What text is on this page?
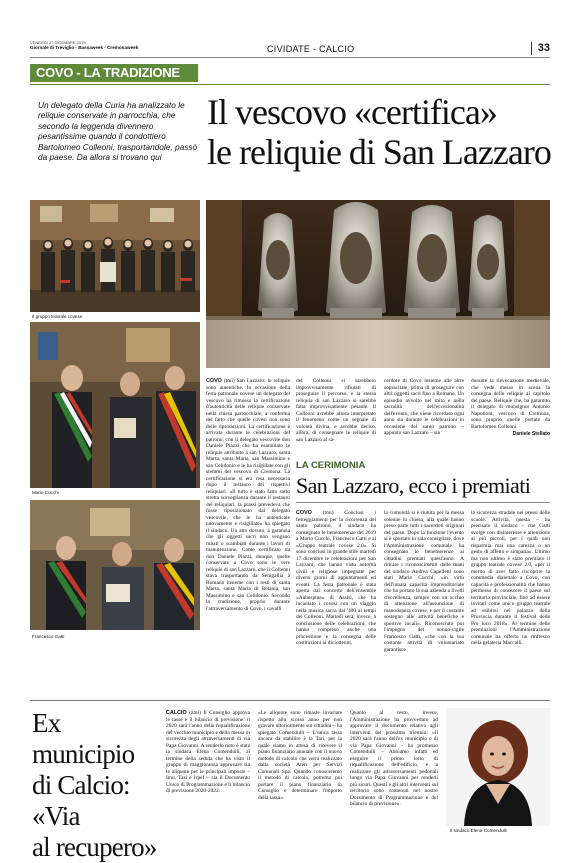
VENERDÌ 27 DICEMBRE 2019
Giornale di Treviglio - Bassaweek - Cremonaweek	CIVIDATE - CALCIO	33
COVO - LA TRADIZIONE
Un delegato della Curia ha analizzato le reliquie conservate in parrocchia, che secondo la leggenda divennero pesantissime quando il condottiero Bartolomeo Colleoni, trasportandole, passò da paese. Da allora si trovano qui
Il vescovo «certifica»
le reliquie di San Lazzaro
Il gruppo teatrale covese
Mario Cucchi
Francesco Gatti
COVO (tmi) San Lazzaro: le reliquie sono autentiche. In occasione della festa patronale covese un delegato del vescovo ha rimosso la certificazione d'autenticità delle reliquie conservate nella chiesa parrocchiale, a conferma del fatto che quelle covesi non sono delle riproduzioni. La certificazione è arrivata durante le celebrazioni del patrono, con il delegato vescovile don Daniele Piazzi che ha esaminato le reliquie attribuite a san Lazzaro, santa Marta, santa Maria, san Massimino e san Celidonio e le ha risigillate con gli stemmi del vescovo di Cremona. La certificazione si era resa necessaria dopo il restauro dei rispettivi reliquiari. «Il tutto è stato fatto sotto stretta sorveglianza durante il restauro dei reliquiari, la prassi prevedeva che fosse riposizionato dal delegato vescovile, che le ha autenticate nuovamente e risigillate» ha spiegato il sindaco. Un atto dovuto, a garanzia che gli oggetti sacri non vengano rubati o scambiati durante i lavori di manutenzione. Come certificato da don Daniele Piazzi, dunque, quelle conservate a Covo sono le vere reliquie di san Lazzaro, che il Colleoni stava trasportando da Senigallia a Romano insieme con i resti di santa Marta, santa Maria di Betania, san Massimino e san Celidonio. Secondo la tradizione, proprio durante l'attraversamento di Covo, i cavalli
del Colleoni si sarebbero improvvisamente rifiutati di proseguire il percorso, e la stessa reliquia di san Lazzaro si sarebbe fatta improvvisamente pesante. Il Colleoni avrebbe allora interpretato il fenomeno come un segnale di volontà divina, e avrebbe deciso, allora, di consegnare le reliquie di san Lazzaro al sa-
cerdote di Covo insieme alle altre sopracitate, prima di proseguire con altri oggetti sacri fino a Romano. Un episodio avvolto nel mito e nella sacralità dell'eccezionalità dell'evento, che viene ricordato ogni anno sia durante le celebrazioni in occasione del santo patrono – appunto san Lazzaro – sia
durante la rievocazione medievale, che vede messo in scena la consegna delle reliquie al capitolo del paese. Reliquie che, ha garantito il delegato di monsignor Antonio Napolioni, vescovo di Cremona, sono proprio quelle portate da Bartolomeo Colleoni.
Daniele Stellato
LA CERIMONIA
San Lazzaro, ecco i premiati
COVO (tmi) Conclusi i festeggiamenti per la ricorrenza del santo patrono, il sindaco ha consegnato le benemerenze del 2019 a Mario Cucchi, Francesco Gatti e al «Gruppo teatrale covese 2.0». Si sono conclusi in grande stile martedì 17 dicembre le celebrazioni per San Lazzaro, che hanno visto autorità civili e religiose impegnate per diversi giorni di appuntamenti ed eventi. La festa patronale è stata aperta dal concerto dell'ensemble «Aubespine» di Assisi, che ha incantato i covesi con un viaggio nella musica sacra dal '400 ai tempi del Colleoni. Martedì sera, invece, a conclusione delle celebrazioni, che hanno compreso anche una processione e la consegna delle costituzioni ai diciottenni,
la comunità si è riunita per la messa solenne in chiesa, alla quale hanno preso parte tutti i sacerdoti originari del paese. Dopo la funzione l'evento si è spostato in sala consigliare, dove l'Amministrazione comunale ha consegnato le benemerenze ai cittadini premiati quest'anno. A ritirare i riconoscimenti dalle mani del sindaco Andrea Capelletti sono stati Mario Cucchi, «in virtù dell'innata capacità imprenditoriale che ha portato la sua azienda a livelli d'eccellenza, sempre con un occhio di attenzione all'assunzione di manodopera covese, e per il costante sostegno alle attività benefiche e sportive locali». Riconosciuto poi l'impegno del nonno-vigile Francesco Gatti, «che con la sua costante attività di volontariato garantisce
la sicurezza stradale nei pressi delle scuole. Attività, questa – ha precisato il sindaco – che Gatti svolge con disinteresse e attenzione ai più piccoli, per i quali non risparmia mai una carezza o un gesto di affetto e simpatia». Ultimo ma non ultimo è stato premiato il gruppo teatrale covese 2.0, «per il merito di aver fatto riscoprire la commedia dialettale a Covo, con capacità e professionalità che hanno permesso di conoscere il paese sul territorio provinciale, fino ad essere invitati come unico gruppo teatrale ad esibirsi nel palazzo della Provincia durante il festival delle Pro loco 2018». Al termine delle premiazioni l'Amministrazione comunale ha offerto un rinfresco nella gelateria Maccalli.
Ex municipio
di Calcio: «Via
al recupero»
CALCIO (zmi) Il Consiglio approva le tasse e il bilancio di previsione: il 2020 sarà l'anno della riqualificazione del vecchio municipio e della messa in sicurezza degli attraversamenti di via Papa Giovanni. A renderlo noto è stata la sindaca Elena Comendulli, al termine della seduta che ha visto il gruppo di maggioranza approvare sia le aliquote per le principali imposte – Imu, Tasi e Irpef – sia il Documento Unico di Programmazione e il bilancio di previsione 2020-2022.
«Le aliquote sono rimaste invariate rispetto allo scorso anno per non gravare ulteriormente sui cittadini – ha spiegato Comendulli – L'unica tassa ancora da stabilire è la Tari, per la quale siamo in attesa di ricevere il piano finanziario annuale con il nuovo metodo di calcolo che verrà realizzato dalla società Aren per Servizi Comunali Spa. Quando conosceremo il metodo di calcolo, potremo poi portare il piano finanziario in Consiglio e determinare l'importo della tassa».
Quanto al resto, invece, l'Amministrazione ha provveduto ad approvare il documento relativo agli interventi del prossimo triennio: «Il 2020 sarà l'anno dell'ex municipio e di via Papa Giovanni – ha promesso Comendulli – Abbiamo infatti ed eseguire il primo lotto di riqualificazione dell'edificio, e a realizzare gli attraversamenti pedonali lungo via Papa Giovanni per renderli più sicuri. Questi e gli altri interventi sul territorio sono contenuti nel nostro Documento di Programmazione e del bilancio di previsione».
Il sindaco Elena Comendulli
